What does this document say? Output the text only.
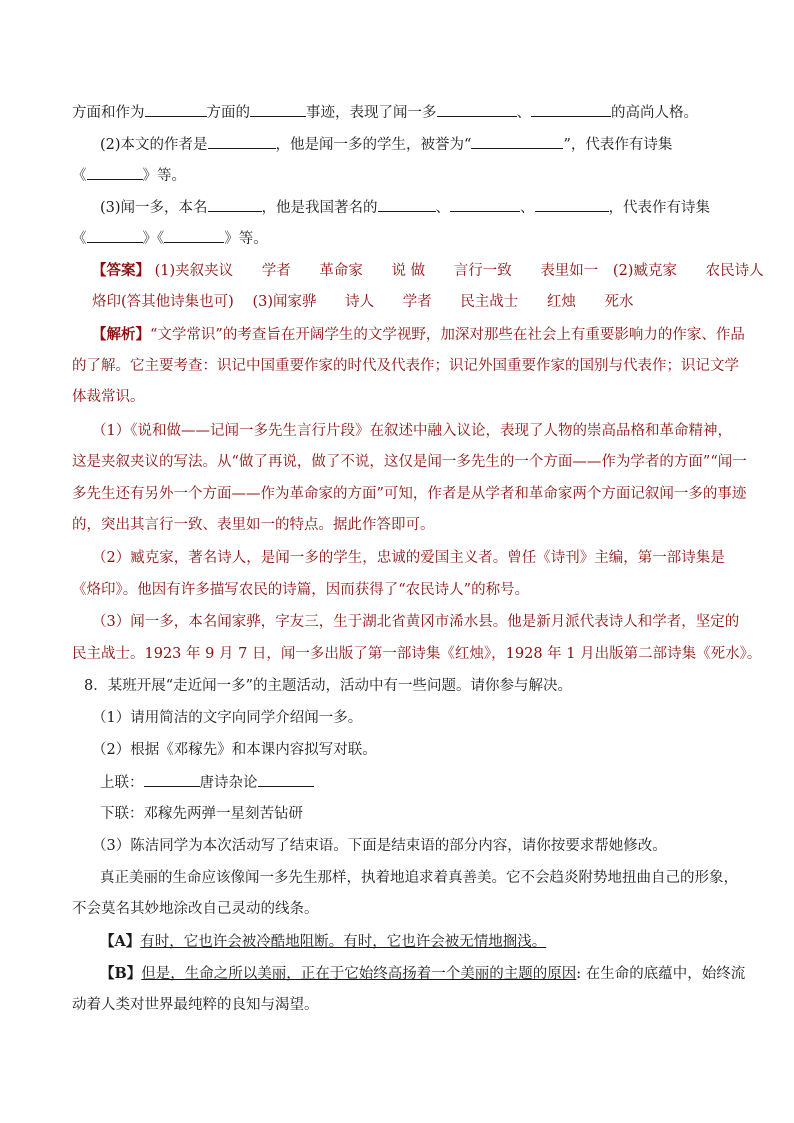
方面和作为	方面的	事迹，表现了闻一多	、	的高尚人格。
(2)本文的作者是	，他是闻一多的学生，被誉为“	”，代表作有诗集
《	》等。
(3)闻一多，本名	，他是我国著名的	、	、	，代表作有诗集
《	》《	》等。
【答案】 (1)夹叙夹议 学者 革命家 说 做 言行一致 表里如一 (2)臧克家 农民诗人
烙印(答其他诗集也可) (3)闻家骅 诗人 学者 民主战士 红烛 死水
【解析】“文学常识”的考查旨在开阔学生的文学视野，加深对那些在社会上有重要影响力的作家、作品
的了解。它主要考查：识记中国重要作家的时代及代表作；识记外国重要作家的国别与代表作；识记文学
体裁常识。
（1）《说和做——记闻一多先生言行片段》在叙述中融入议论，表现了人物的崇高品格和革命精神，
这是夹叙夹议的写法。从“做了再说，做了不说，这仅是闻一多先生的一个方面——作为学者的方面”“闻一
多先生还有另外一个方面——作为革命家的方面”可知，作者是从学者和革命家两个方面记叙闻一多的事迹
的，突出其言行一致、表里如一的特点。据此作答即可。
（2）臧克家，著名诗人，是闻一多的学生，忠诚的爱国主义者。曾任《诗刊》主编，第一部诗集是
《烙印》。他因有许多描写农民的诗篇，因而获得了“农民诗人”的称号。
（3）闻一多，本名闻家骅，字友三，生于湖北省黄冈市浠水县。他是新月派代表诗人和学者，坚定的
民主战士。1923 年 9 月 7 日，闻一多出版了第一部诗集《红烛》，1928 年 1 月出版第二部诗集《死水》。
8．某班开展“走近闻一多”的主题活动，活动中有一些问题。请你参与解决。
（1）请用简洁的文字向同学介绍闻一多。
（2）根据《邓稼先》和本课内容拟写对联。
上联：	唐诗杂论
下联：邓稼先两弹一星刻苦钻研
（3）陈洁同学为本次活动写了结束语。下面是结束语的部分内容，请你按要求帮她修改。
真正美丽的生命应该像闻一多先生那样，执着地追求着真善美。它不会趋炎附势地扭曲自己的形象，
不会莫名其妙地涂改自己灵动的线条。
【A】有时，它也许会被冷酷地阻断。有时，它也许会被无情地搁浅。
【B】但是，生命之所以美丽，正在于它始终高扬着一个美丽的主题的原因: 在生命的底蕴中，始终流
动着人类对世界最纯粹的良知与渴望。
